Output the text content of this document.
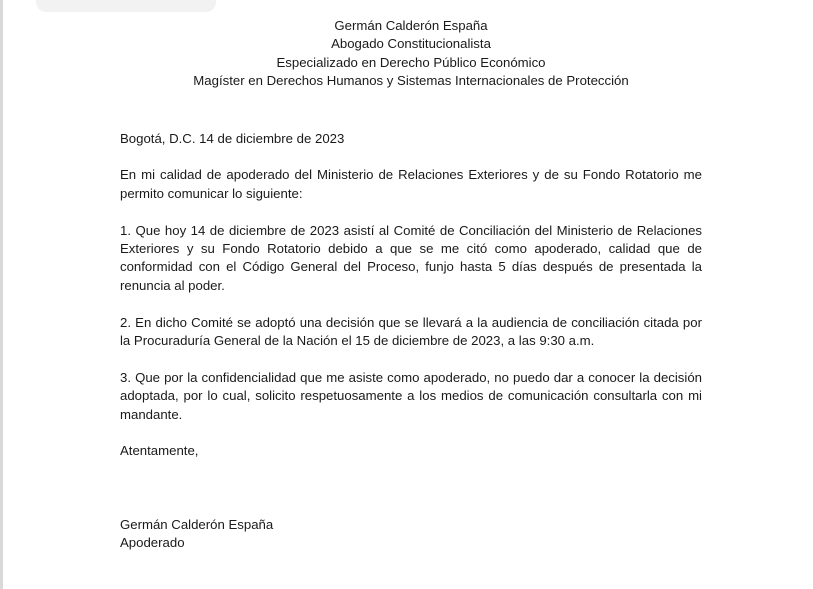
Germán Calderón España
Abogado Constitucionalista
Especializado en Derecho Público Económico
Magíster en Derechos Humanos y Sistemas Internacionales de Protección
Bogotá, D.C. 14 de diciembre de 2023

En mi calidad de apoderado del Ministerio de Relaciones Exteriores y de su Fondo Rotatorio me permito comunicar lo siguiente:

1. Que hoy 14 de diciembre de 2023 asistí al Comité de Conciliación del Ministerio de Relaciones Exteriores y su Fondo Rotatorio debido a que se me citó como apoderado, calidad que de conformidad con el Código General del Proceso, funjo hasta 5 días después de presentada la renuncia al poder.

2. En dicho Comité se adoptó una decisión que se llevará a la audiencia de conciliación citada por la Procuraduría General de la Nación el 15 de diciembre de 2023, a las 9:30 a.m.

3. Que por la confidencialidad que me asiste como apoderado, no puedo dar a conocer la decisión adoptada, por lo cual, solicito respetuosamente a los medios de comunicación consultarla con mi mandante.

Atentamente,
Germán Calderón España
Apoderado
